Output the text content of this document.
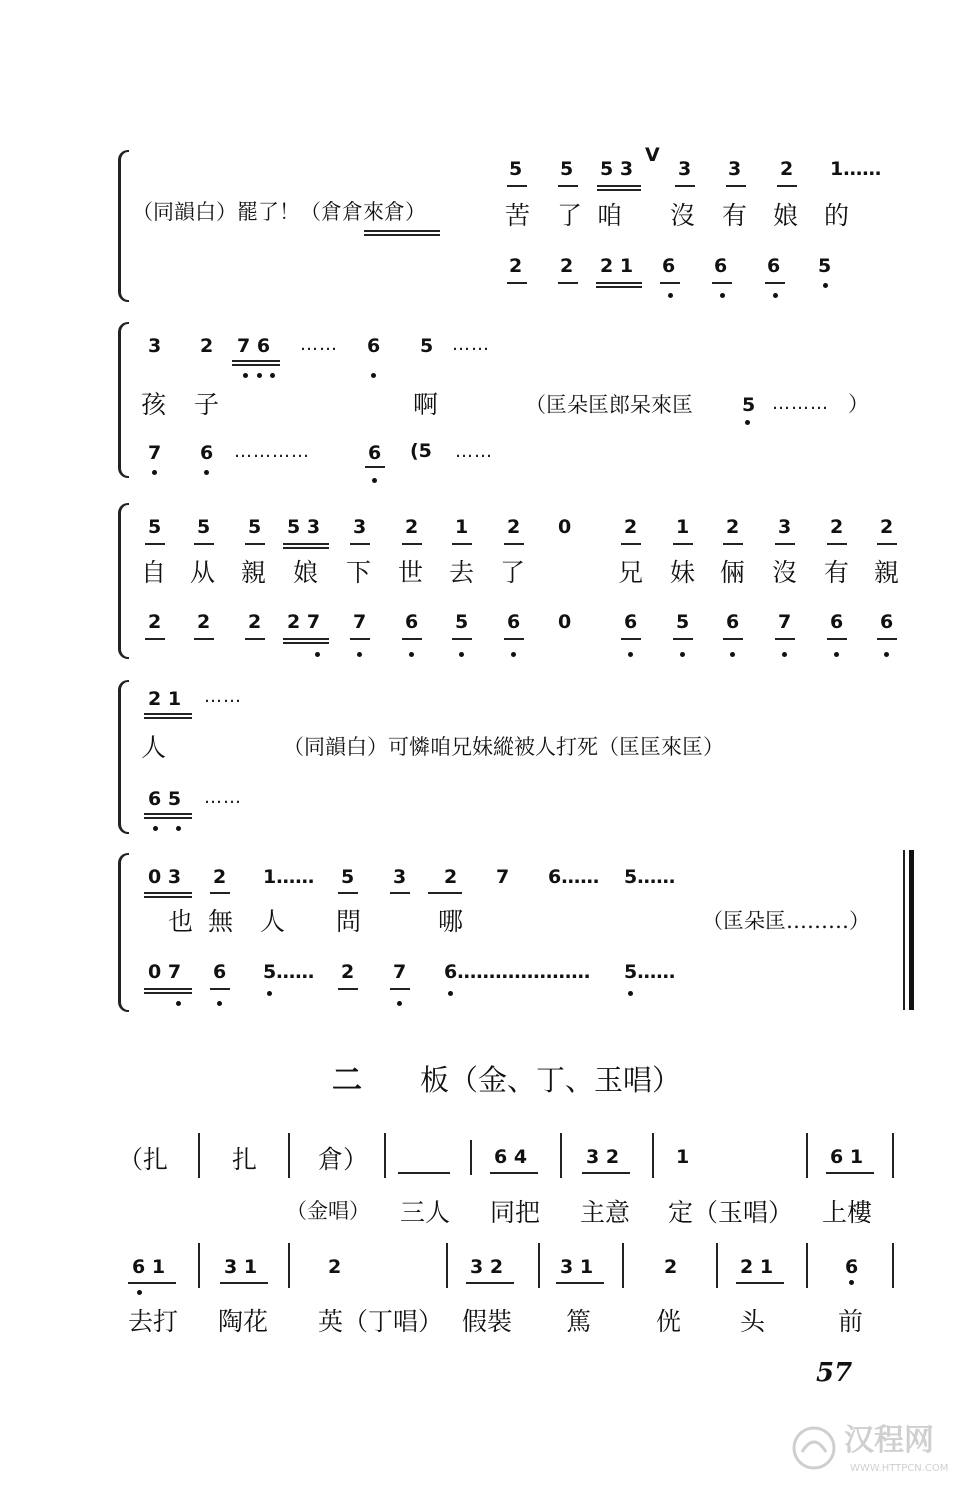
5 5 5 3
V
3 3 2 1……
（同韻白）罷了！（倉倉來倉）	苦 了 咱 沒 有 娘 的
2 2 2 1 6 6 6 5
3 2 7 6 …… 6 5 ……
孩 子	啊	（匡朵匡郎呆來匡	5 ……… ）
7 6 …………	6 (5 ……
5 5 5 5 3 3 2 1 2 0	2 1 2 3 2 2
自 从 親 娘 下 世 去 了	兄 妹 倆 沒 有 親
2 2 2 2 7 7 6 5 6 0	6 5 6 7 6 6
2 1 ……
人	（同韻白）可憐咱兄妹縱被人打死（匡匡來匡）
6 5 ……
0 3 2 1…… 5 3 2 7 6…… 5……
也 無 人 問	哪	（匡朵匡………）
0 7 6 5…… 2 7 6………………… 5……
二 板（金、丁、玉唱）
（扎	扎 倉）	6 4	3 2	1	6 1
（金唱） 三人 同把 主意 定（玉唱） 上樓
6 1	3 1	2	3 2	3 1	2	2 1	6
去打 陶花 英（丁唱） 假裝 篤	侊 头	前
57
汉程网
WWW.HTTPCN.COM
